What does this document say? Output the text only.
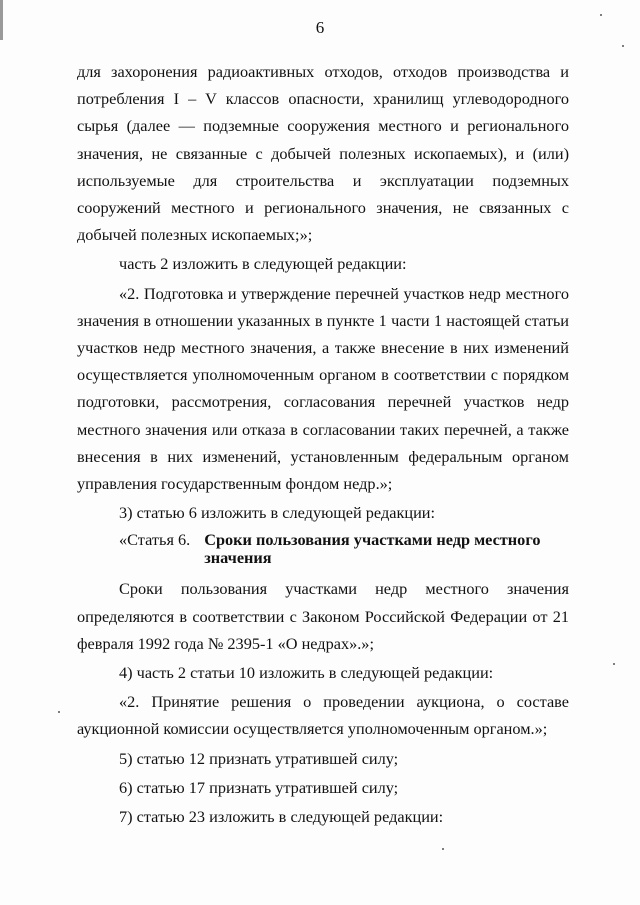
6

для захоронения радиоактивных отходов, отходов производства и потребления I – V классов опасности, хранилищ углеводородного сырья (далее — подземные сооружения местного и регионального значения, не связанные с добычей полезных ископаемых), и (или) используемые для строительства и эксплуатации подземных сооружений местного и регионального значения, не связанных с добычей полезных ископаемых;»;

часть 2 изложить в следующей редакции:

«2. Подготовка и утверждение перечней участков недр местного значения в отношении указанных в пункте 1 части 1 настоящей статьи участков недр местного значения, а также внесение в них изменений осуществляется уполномоченным органом в соответствии с порядком подготовки, рассмотрения, согласования перечней участков недр местного значения или отказа в согласовании таких перечней, а также внесения в них изменений, установленным федеральным органом управления государственным фондом недр.»;

3) статью 6 изложить в следующей редакции:

«Статья 6. Сроки пользования участками недр местного значения

Сроки пользования участками недр местного значения определяются в соответствии с Законом Российской Федерации от 21 февраля 1992 года № 2395-1 «О недрах».»;

4) часть 2 статьи 10 изложить в следующей редакции:

«2. Принятие решения о проведении аукциона, о составе аукционной комиссии осуществляется уполномоченным органом.»;

5) статью 12 признать утратившей силу;

6) статью 17 признать утратившей силу;

7) статью 23 изложить в следующей редакции:
